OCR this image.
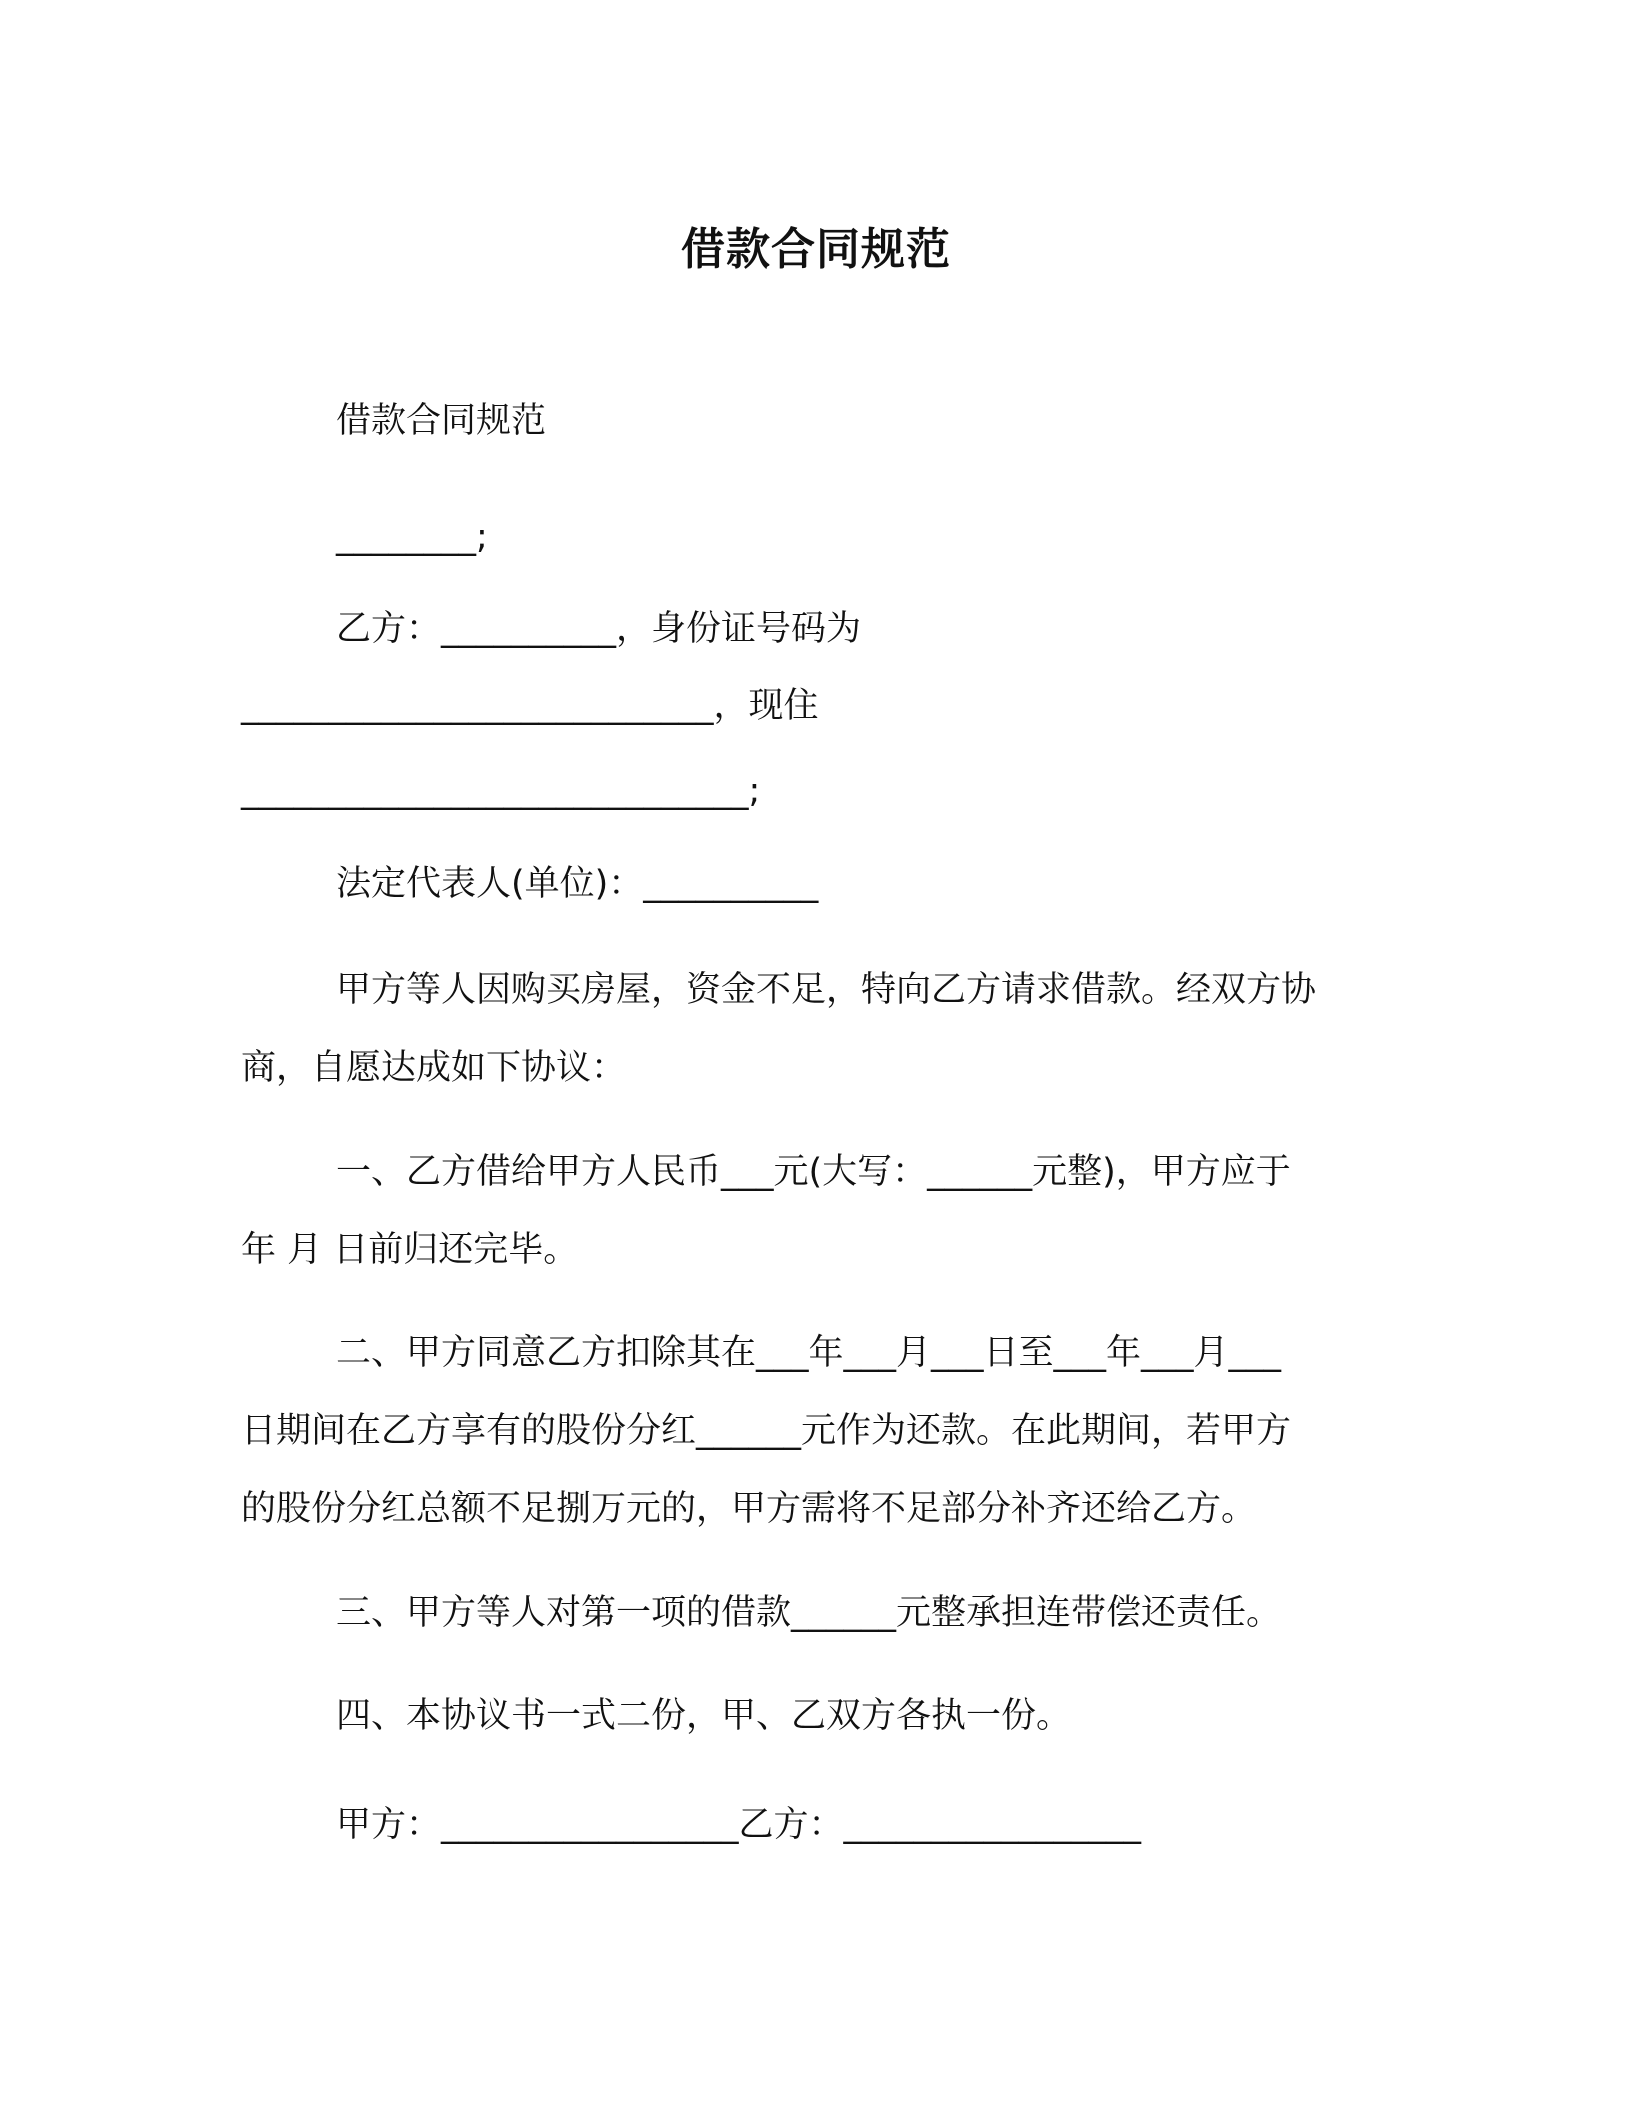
借款合同规范
借款合同规范
________;
乙方：__________，身份证号码为
___________________________，现住
_____________________________;
法定代表人(单位)：__________
甲方等人因购买房屋，资金不足，特向乙方请求借款。经双方协
商，自愿达成如下协议：
一、乙方借给甲方人民币___元(大写：______元整)，甲方应于
年 月 日前归还完毕。
二、甲方同意乙方扣除其在___年___月___日至___年___月___
日期间在乙方享有的股份分红______元作为还款。在此期间，若甲方
的股份分红总额不足捌万元的，甲方需将不足部分补齐还给乙方。
三、甲方等人对第一项的借款______元整承担连带偿还责任。
四、本协议书一式二份，甲、乙双方各执一份。
甲方：_________________乙方：_________________
